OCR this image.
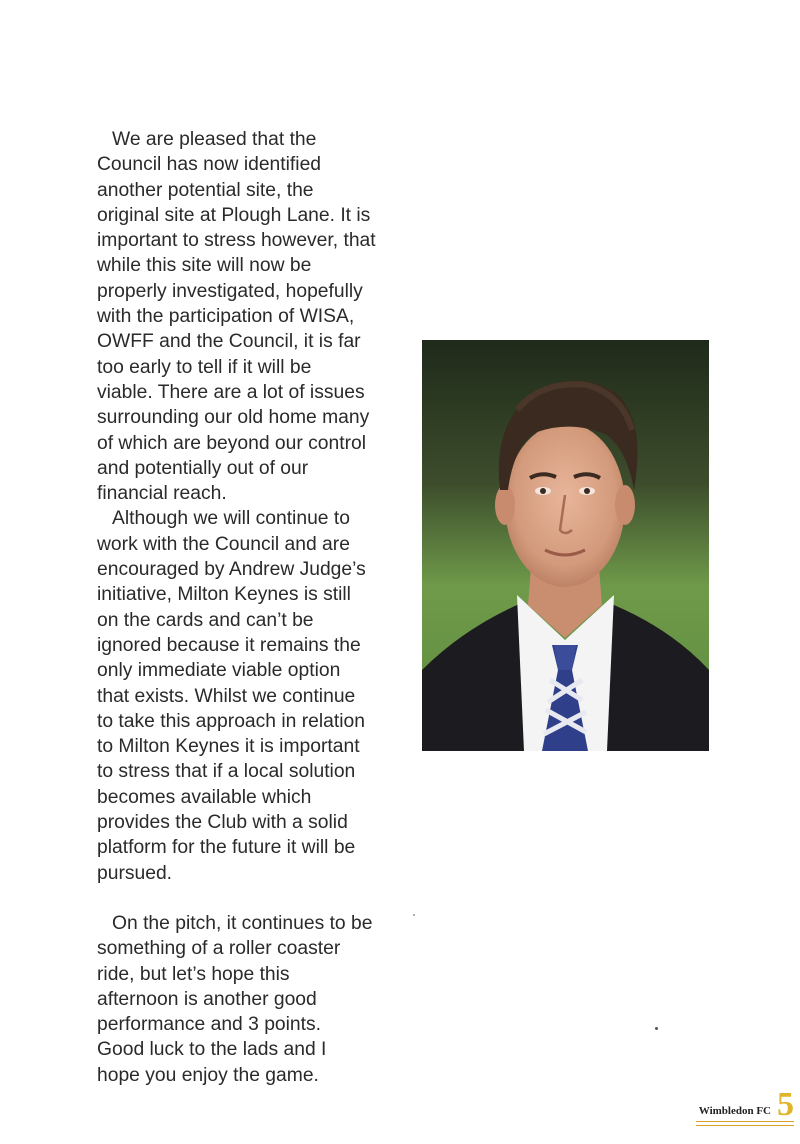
We are pleased that the
Council has now identified
another potential site, the
original site at Plough Lane. It is
important to stress however, that
while this site will now be
properly investigated, hopefully
with the participation of WISA,
OWFF and the Council, it is far
too early to tell if it will be
viable. There are a lot of issues
surrounding our old home many
of which are beyond our control
and potentially out of our
financial reach.
Although we will continue to
work with the Council and are
encouraged by Andrew Judge’s
initiative, Milton Keynes is still
on the cards and can’t be
ignored because it remains the
only immediate viable option
that exists. Whilst we continue
to take this approach in relation
to Milton Keynes it is important
to stress that if a local solution
becomes available which
provides the Club with a solid
platform for the future it will be
pursued.
On the pitch, it continues to be
something of a roller coaster
ride, but let’s hope this
afternoon is another good
performance and 3 points.
Good luck to the lads and I
hope you enjoy the game.
Wimbledon FC 5
